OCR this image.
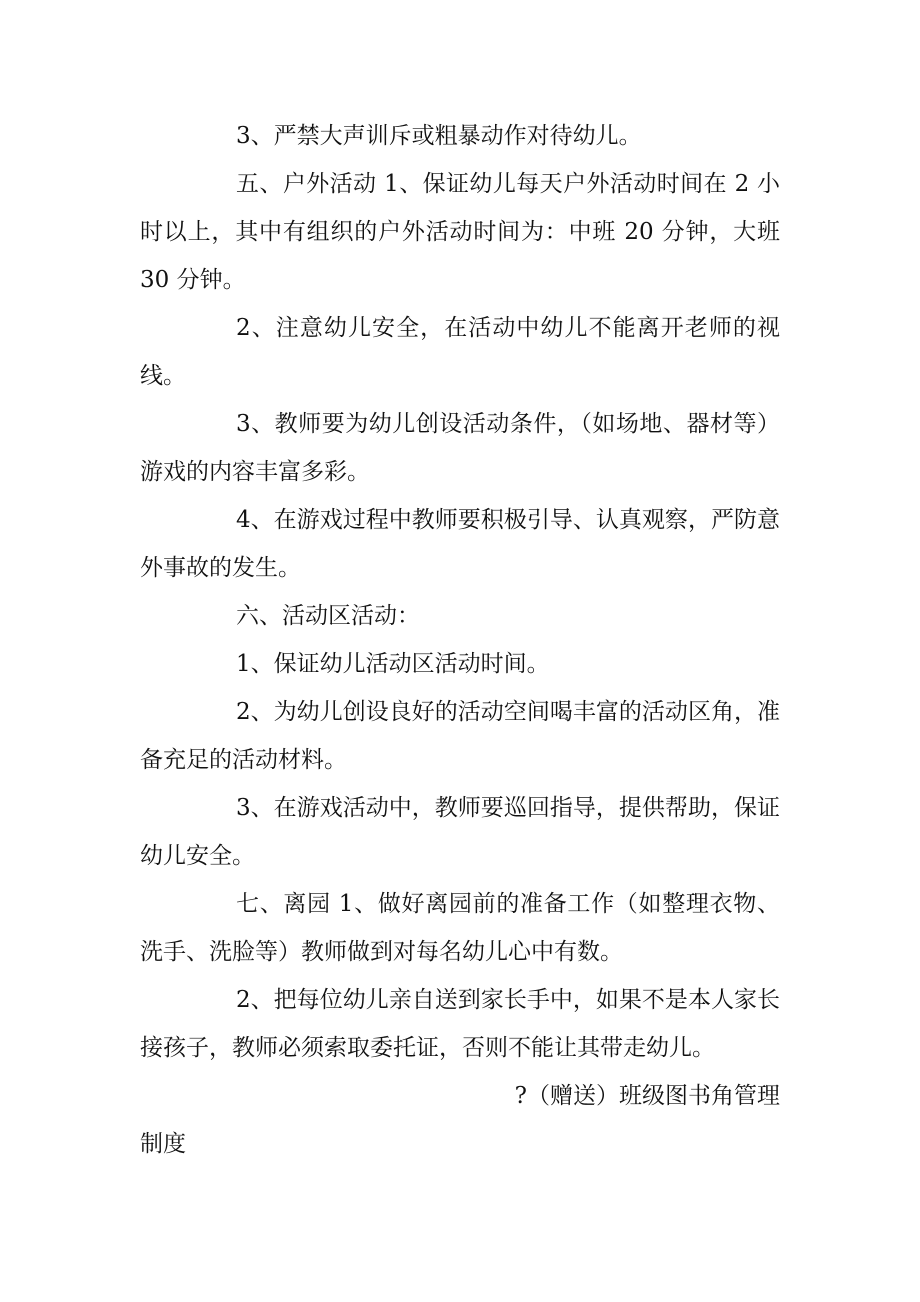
3、严禁大声训斥或粗暴动作对待幼儿。

五、户外活动 1、保证幼儿每天户外活动时间在 2 小时以上，其中有组织的户外活动时间为：中班 20 分钟，大班 30 分钟。

2、注意幼儿安全，在活动中幼儿不能离开老师的视线。

3、教师要为幼儿创设活动条件，（如场地、器材等）游戏的内容丰富多彩。

4、在游戏过程中教师要积极引导、认真观察，严防意外事故的发生。

六、活动区活动：

1、保证幼儿活动区活动时间。

2、为幼儿创设良好的活动空间喝丰富的活动区角，准备充足的活动材料。

3、在游戏活动中，教师要巡回指导，提供帮助，保证幼儿安全。

七、离园 1、做好离园前的准备工作（如整理衣物、洗手、洗脸等）教师做到对每名幼儿心中有数。

2、把每位幼儿亲自送到家长手中，如果不是本人家长接孩子，教师必须索取委托证，否则不能让其带走幼儿。

?（赠送）班级图书角管理

制度
